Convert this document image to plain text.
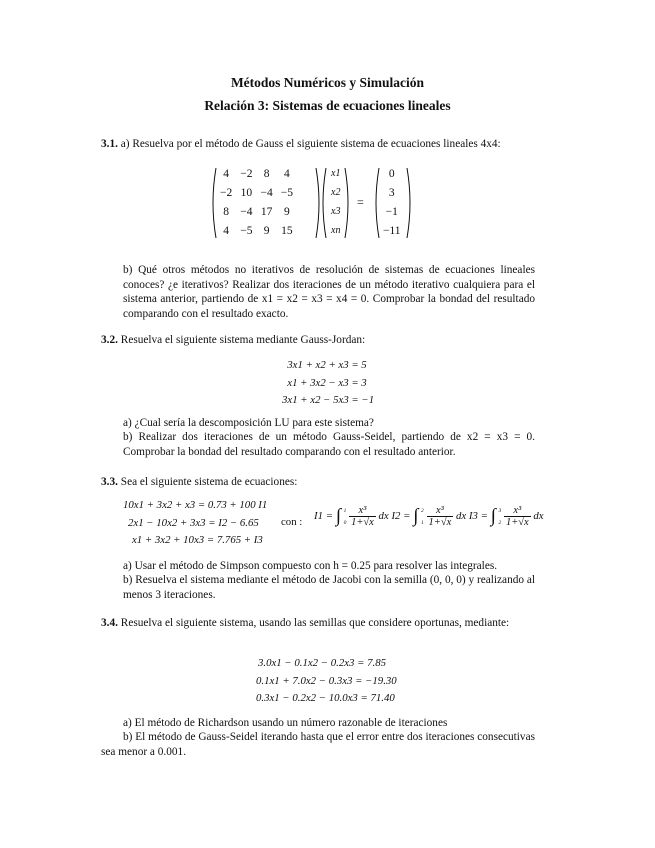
Métodos Numéricos y Simulación
Relación 3: Sistemas de ecuaciones lineales
3.1. a) Resuelva por el método de Gauss el siguiente sistema de ecuaciones lineales 4x4:
4	−2	8	4
−2	10	−4	−5
8	−4	17	9
4	−5	9	15
x1
x2
x3
xn
=
0
3
−1
−11
b) Qué otros métodos no iterativos de resolución de sistemas de ecuaciones lineales conoces? ¿e iterativos? Realizar dos iteraciones de un método iterativo cualquiera para el sistema anterior, partiendo de x1 = x2 = x3 = x4 = 0. Comprobar la bondad del resultado comparando con el resultado exacto.
3.2. Resuelva el siguiente sistema mediante Gauss-Jordan:
3x1 + x2 + x3 = 5
x1 + 3x2 − x3 = 3
3x1 + x2 − 5x3 = −1
a) ¿Cual sería la descomposición LU para este sistema?
b) Realizar dos iteraciones de un método Gauss-Seidel, partiendo de x2 = x3 = 0. Comprobar la bondad del resultado comparando con el resultado anterior.
3.3. Sea el siguiente sistema de ecuaciones:
10x1 + 3x2 + x3 = 0.73 + 100 I1
2x1 − 10x2 + 3x3 = I2 − 6.65
x1 + 3x2 + 10x3 = 7.765 + I3
con :
I1 = ∫ 1

$0 \frac{\text{x³}}{1+√x}$ dx I2 = ∫ 2

$1 \frac{\text{x³}}{1+√x}$ dx I3 = ∫ 3

$2 \frac{\text{x³}}{1+√x}$ dx
a) Usar el método de Simpson compuesto con h = 0.25 para resolver las integrales.
b) Resuelva el sistema mediante el método de Jacobi con la semilla (0, 0, 0) y realizando al menos 3 iteraciones.
3.4. Resuelva el siguiente sistema, usando las semillas que considere oportunas, mediante:
3.0x1 − 0.1x2 − 0.2x3 = 7.85
0.1x1 + 7.0x2 − 0.3x3 = −19.30
0.3x1 − 0.2x2 − 10.0x3 = 71.40
a) El método de Richardson usando un número razonable de iteraciones
b) El método de Gauss-Seidel iterando hasta que el error entre dos iteraciones consecutivas sea menor a 0.001.
